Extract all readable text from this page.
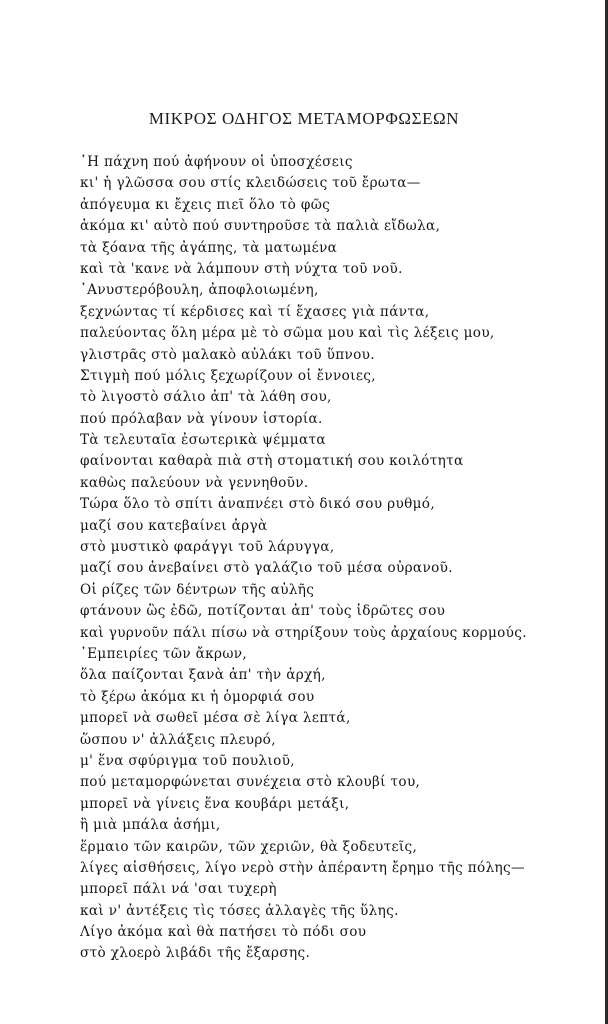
ΜΙΚΡΟΣ ΟΔΗΓΟΣ ΜΕΤΑΜΟΡΦΩΣΕΩΝ
῾Η πάχνη πού ἀφήνουν οἱ ὑποσχέσεις
κι' ἡ γλῶσσα σου στίς κλειδώσεις τοῦ ἔρωτα—
ἀπόγευμα κι ἔχεις πιεῖ ὅλο τὸ φῶς
ἀκόμα κι' αὐτὸ πού συντηροῦσε τὰ παλιὰ εἴδωλα,
τὰ ξόανα τῆς ἀγάπης, τὰ ματωμένα
καὶ τὰ 'κανε νὰ λάμπουν στὴ νύχτα τοῦ νοῦ.
᾿Ανυστερόβουλη, ἀποφλοιωμένη,
ξεχνώντας τί κέρδισες καὶ τί ἔχασες γιὰ πάντα,
παλεύοντας ὅλη μέρα μὲ τὸ σῶμα μου καὶ τὶς λέξεις μου,
γλιστρᾶς στὸ μαλακὸ αὐλάκι τοῦ ὕπνου.
Στιγμὴ πού μόλις ξεχωρίζουν οἱ ἔννοιες,
τὸ λιγοστὸ σάλιο ἀπ' τὰ λάθη σου,
πού πρόλαβαν νὰ γίνουν ἱστορία.
Τὰ τελευταῖα ἐσωτερικὰ ψέμματα
φαίνονται καθαρὰ πιὰ στὴ στοματική σου κοιλότητα
καθὼς παλεύουν νὰ γεννηθοῦν.
Τώρα ὅλο τὸ σπίτι ἀναπνέει στὸ δικό σου ρυθμό,
μαζί σου κατεβαίνει ἀργὰ
στὸ μυστικὸ φαράγγι τοῦ λάρυγγα,
μαζί σου ἀνεβαίνει στὸ γαλάζιο τοῦ μέσα οὐρανοῦ.
Οἱ ρίζες τῶν δέντρων τῆς αὐλῆς
φτάνουν ὣς ἐδῶ, ποτίζονται ἀπ' τοὺς ἱδρῶτες σου
καὶ γυρνοῦν πάλι πίσω νὰ στηρίξουν τοὺς ἀρχαίους κορμούς.
᾿Εμπειρίες τῶν ἄκρων,
ὅλα παίζονται ξανὰ ἀπ' τὴν ἀρχή,
τὸ ξέρω ἀκόμα κι ἡ ὁμορφιά σου
μπορεῖ νὰ σωθεῖ μέσα σὲ λίγα λεπτά,
ὥσπου ν' ἀλλάξεις πλευρό,
μ' ἕνα σφύριγμα τοῦ πουλιοῦ,
πού μεταμορφώνεται συνέχεια στὸ κλουβί του,
μπορεῖ νὰ γίνεις ἕνα κουβάρι μετάξι,
ἢ μιὰ μπάλα ἀσήμι,
ἕρμαιο τῶν καιρῶν, τῶν χεριῶν, θὰ ξοδευτεῖς,
λίγες αἰσθήσεις, λίγο νερὸ στὴν ἀπέραντη ἔρημο τῆς πόλης—
μπορεῖ πάλι νά 'σαι τυχερὴ
καὶ ν' ἀντέξεις τὶς τόσες ἀλλαγὲς τῆς ὕλης.
Λίγο ἀκόμα καὶ θὰ πατήσει τὸ πόδι σου
στὸ χλοερὸ λιβάδι τῆς ἔξαρσης.
